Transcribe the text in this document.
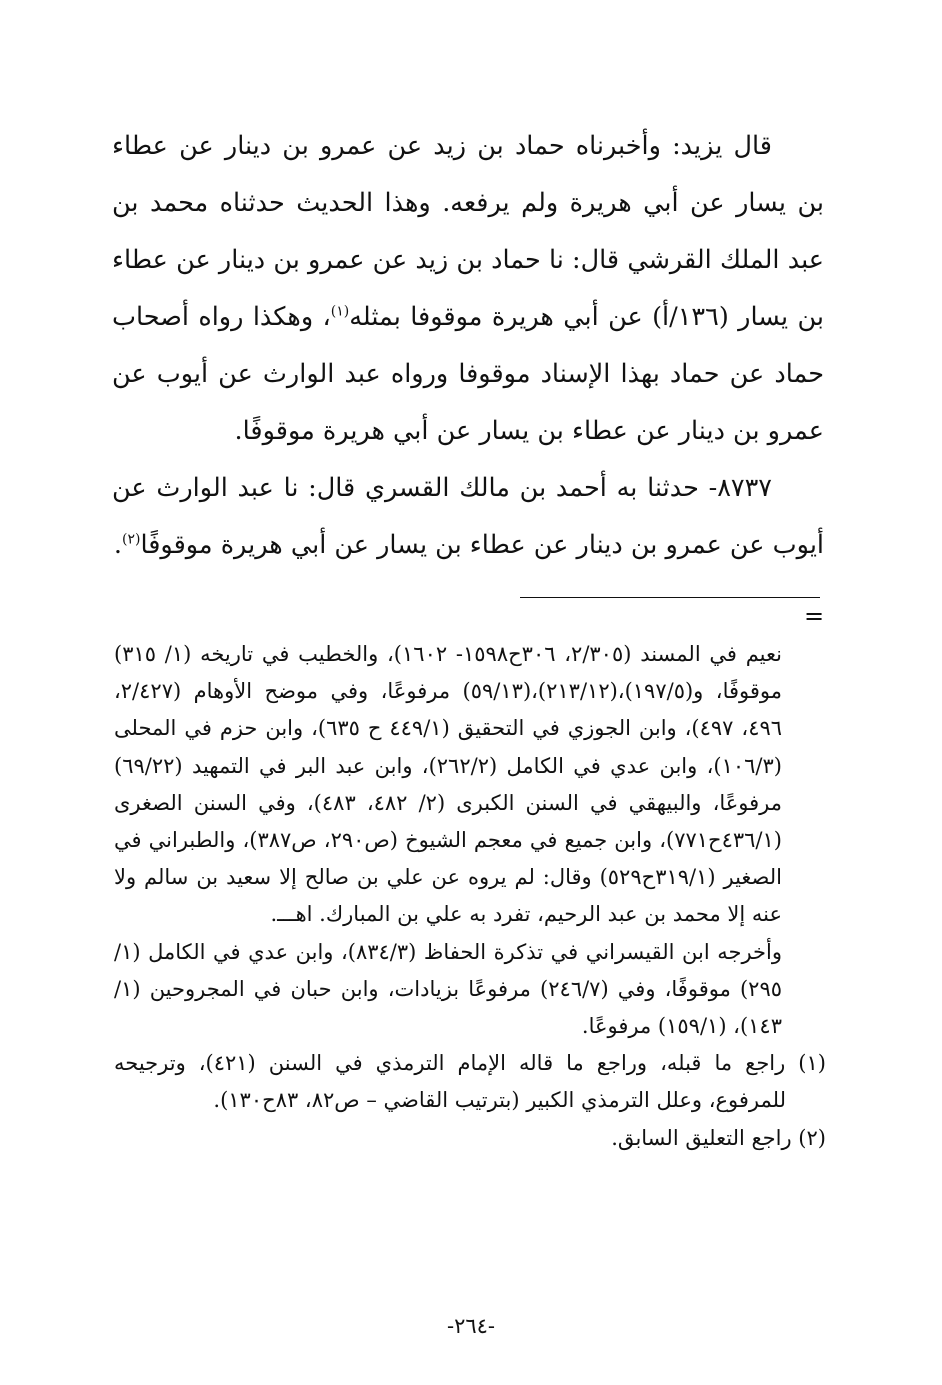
قال يزيد: وأخبرناه حماد بن زيد عن عمرو بن دينار عن عطاء بن يسار عن أبي هريرة ولم يرفعه. وهذا الحديث حدثناه محمد بن عبد الملك القرشي قال: نا حماد بن زيد عن عمرو بن دينار عن عطاء بن يسار (١٣٦/أ) عن أبي هريرة موقوفا بمثله$^{(١)}$، وهكذا رواه أصحاب حماد عن حماد بهذا الإسناد موقوفا ورواه عبد الوارث عن أيوب عن عمرو بن دينار عن عطاء بن يسار عن أبي هريرة موقوفًا.

٨٧٣٧- حدثنا به أحمد بن مالك القسري قال: نا عبد الوارث عن أيوب عن عمرو بن دينار عن عطاء بن يسار عن أبي هريرة موقوفًا$^{(٢)}$.

=

نعيم في المسند (٢/٣٠٥، ٣٠٦ح١٥٩٨- ١٦٠٢)، والخطيب في تاريخه (١/ ٣١٥) موقوفًا، و(١٩٧/٥)،(٢١٣/١٢)،(٥٩/١٣) مرفوعًا، وفي موضح الأوهام (٢/٤٢٧، ٤٩٦، ٤٩٧)، وابن الجوزي في التحقيق (٤٤٩/١ ح ٦٣٥)، وابن حزم في المحلى (١٠٦/٣)، وابن عدي في الكامل (٢٦٢/٢)، وابن عبد البر في التمهيد (٦٩/٢٢) مرفوعًا، والبيهقي في السنن الكبرى (٢/ ٤٨٢، ٤٨٣)، وفي السنن الصغرى (٤٣٦/١ح٧٧١)، وابن جميع في معجم الشيوخ (ص٢٩٠، ص٣٨٧)، والطبراني في الصغير (٣١٩/١ح٥٢٩) وقال: لم يروه عن علي بن صالح إلا سعيد بن سالم ولا عنه إلا محمد بن عبد الرحيم، تفرد به علي بن المبارك. اهـــ.

وأخرجه ابن القيسراني في تذكرة الحفاظ (٨٣٤/٣)، وابن عدي في الكامل (١/ ٢٩٥) موقوفًا، وفي (٢٤٦/٧) مرفوعًا بزيادات، وابن حبان في المجروحين (١/ ١٤٣)، (١٥٩/١) مرفوعًا.

(١) راجع ما قبله، وراجع ما قاله الإمام الترمذي في السنن (٤٢١)، وترجيحه للمرفوع، وعلل الترمذي الكبير (بترتيب القاضي – ص٨٢، ٨٣ح١٣٠).

(٢) راجع التعليق السابق.

-٢٦٤-
